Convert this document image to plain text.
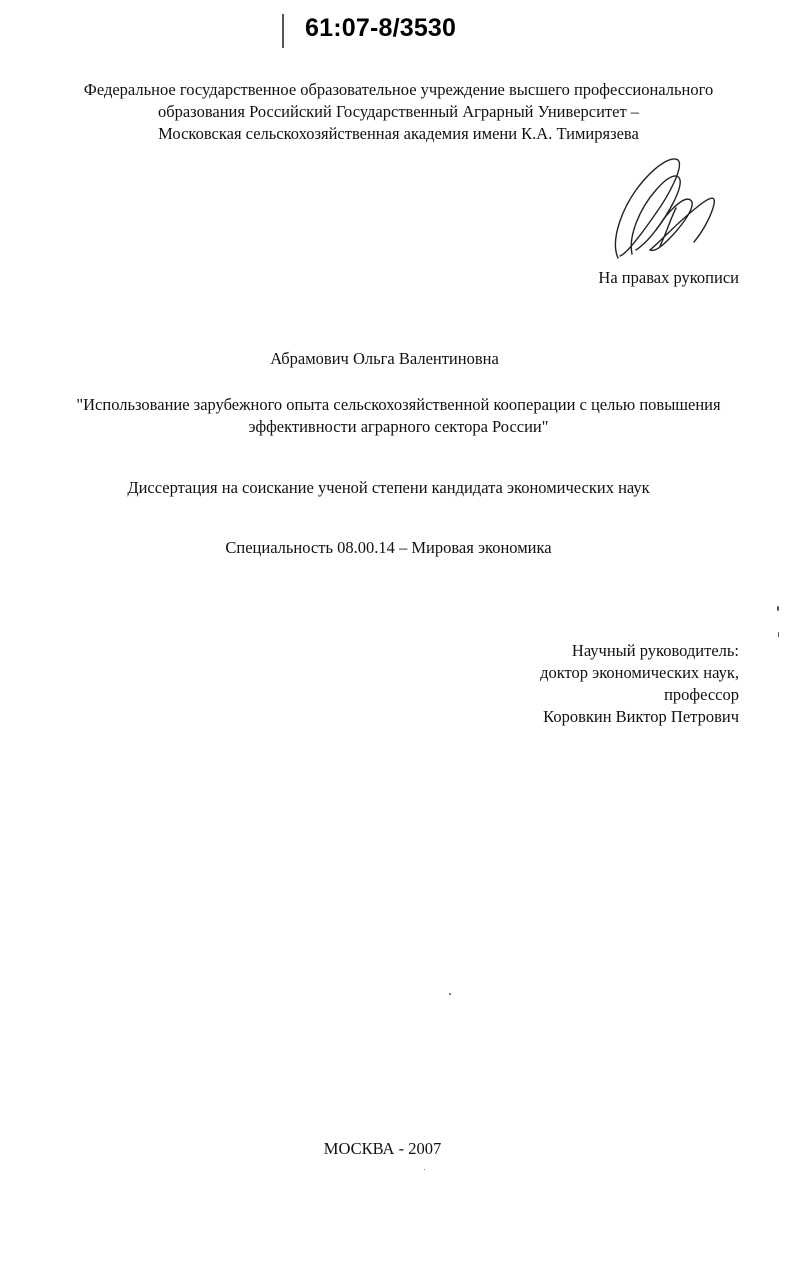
61:07-8/3530
Федеральное государственное образовательное учреждение высшего профессионального
образования Российский Государственный Аграрный Университет –
Московская сельскохозяйственная академия имени К.А. Тимирязева
На правах рукописи
Абрамович Ольга Валентиновна
"Использование зарубежного опыта сельскохозяйственной кооперации с целью повышения
эффективности аграрного сектора России"
Диссертация на соискание ученой степени кандидата экономических наук
Специальность 08.00.14 – Мировая экономика
Научный руководитель:
доктор экономических наук,
профессор
Коровкин Виктор Петрович
МОСКВА - 2007
